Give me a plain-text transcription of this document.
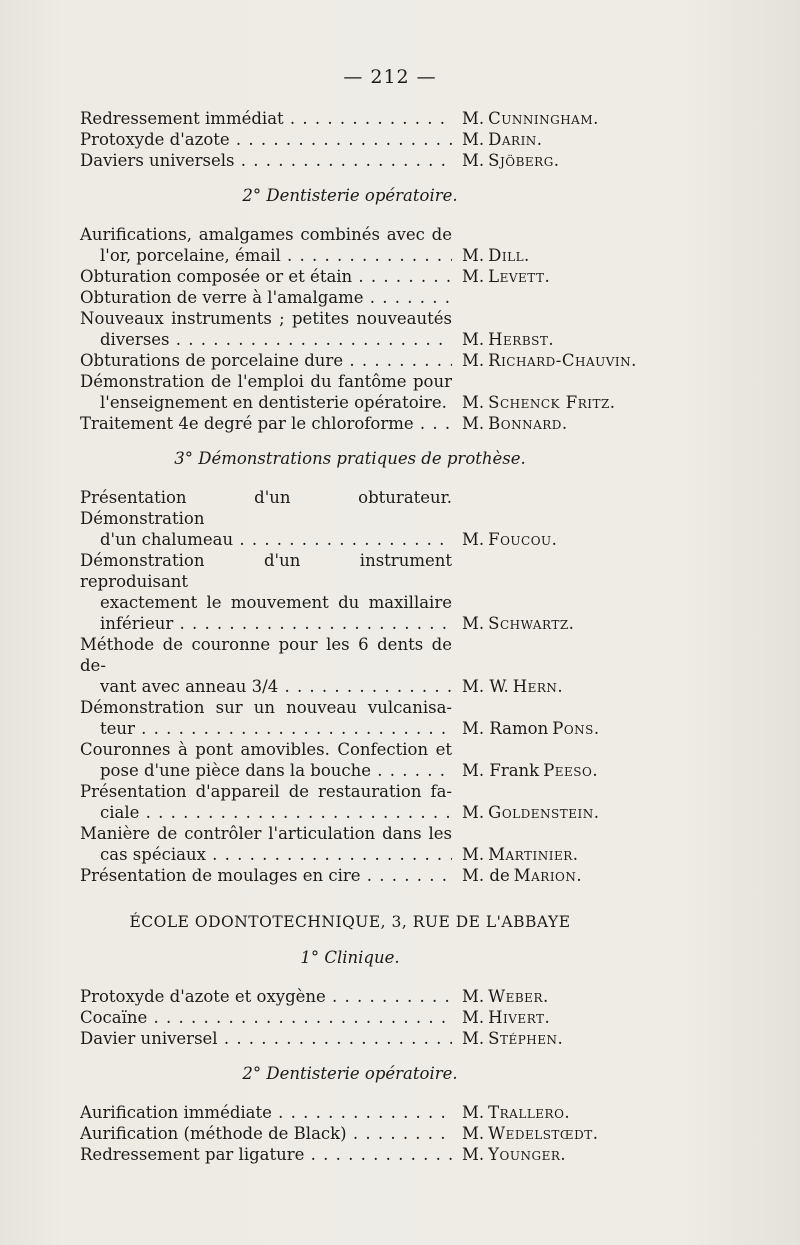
— 212 —
Redressement immédiat . . .	M. Cunningham.
Protoxyde d'azote . . .	M. Darin.
Daviers universels . . .	M. Sjöberg.
2° Dentisterie opératoire.
Aurifications, amalgames combinés avec de
l'or, porcelaine, émail . . .	M. Dill.
Obturation composée or et étain . . .	M. Levett.
Obturation de verre à l'amalgame . . .
Nouveaux instruments ; petites nouveautés
diverses . . .	M. Herbst.
Obturations de porcelaine dure . . .	M. Richard-Chauvin.
Démonstration de l'emploi du fantôme pour
l'enseignement en dentisterie opératoire. . . . M. Schenck Fritz.
Traitement 4e degré par le chloroforme . . .	M. Bonnard.
3° Démonstrations pratiques de prothèse.
Présentation d'un obturateur. Démonstration
d'un chalumeau . . .	M. Foucou.
Démonstration d'un instrument reproduisant
exactement le mouvement du maxillaire
inférieur . . .	M. Schwartz.
Méthode de couronne pour les 6 dents de de-
vant avec anneau 3/4 . . .	M. W. Hern.
Démonstration sur un nouveau vulcanisa-
teur . . .	M. Ramon Pons.
Couronnes à pont amovibles. Confection et
pose d'une pièce dans la bouche . . .	M. Frank Peeso.
Présentation d'appareil de restauration fa-
ciale . . .	M. Goldenstein.
Manière de contrôler l'articulation dans les
cas spéciaux . . .	M. Martinier.
Présentation de moulages en cire . . .	M. de Marion.
ÉCOLE ODONTOTECHNIQUE, 3, RUE DE L'ABBAYE
1° Clinique.
Protoxyde d'azote et oxygène . . .	M. Weber.
Cocaïne . . .	M. Hivert.
Davier universel . . .	M. Stéphen.
2° Dentisterie opératoire.
Aurification immédiate . . .	M. Trallero.
Aurification (méthode de Black) . . .	M. Wedelstœdt.
Redressement par ligature . . .	M. Younger.
